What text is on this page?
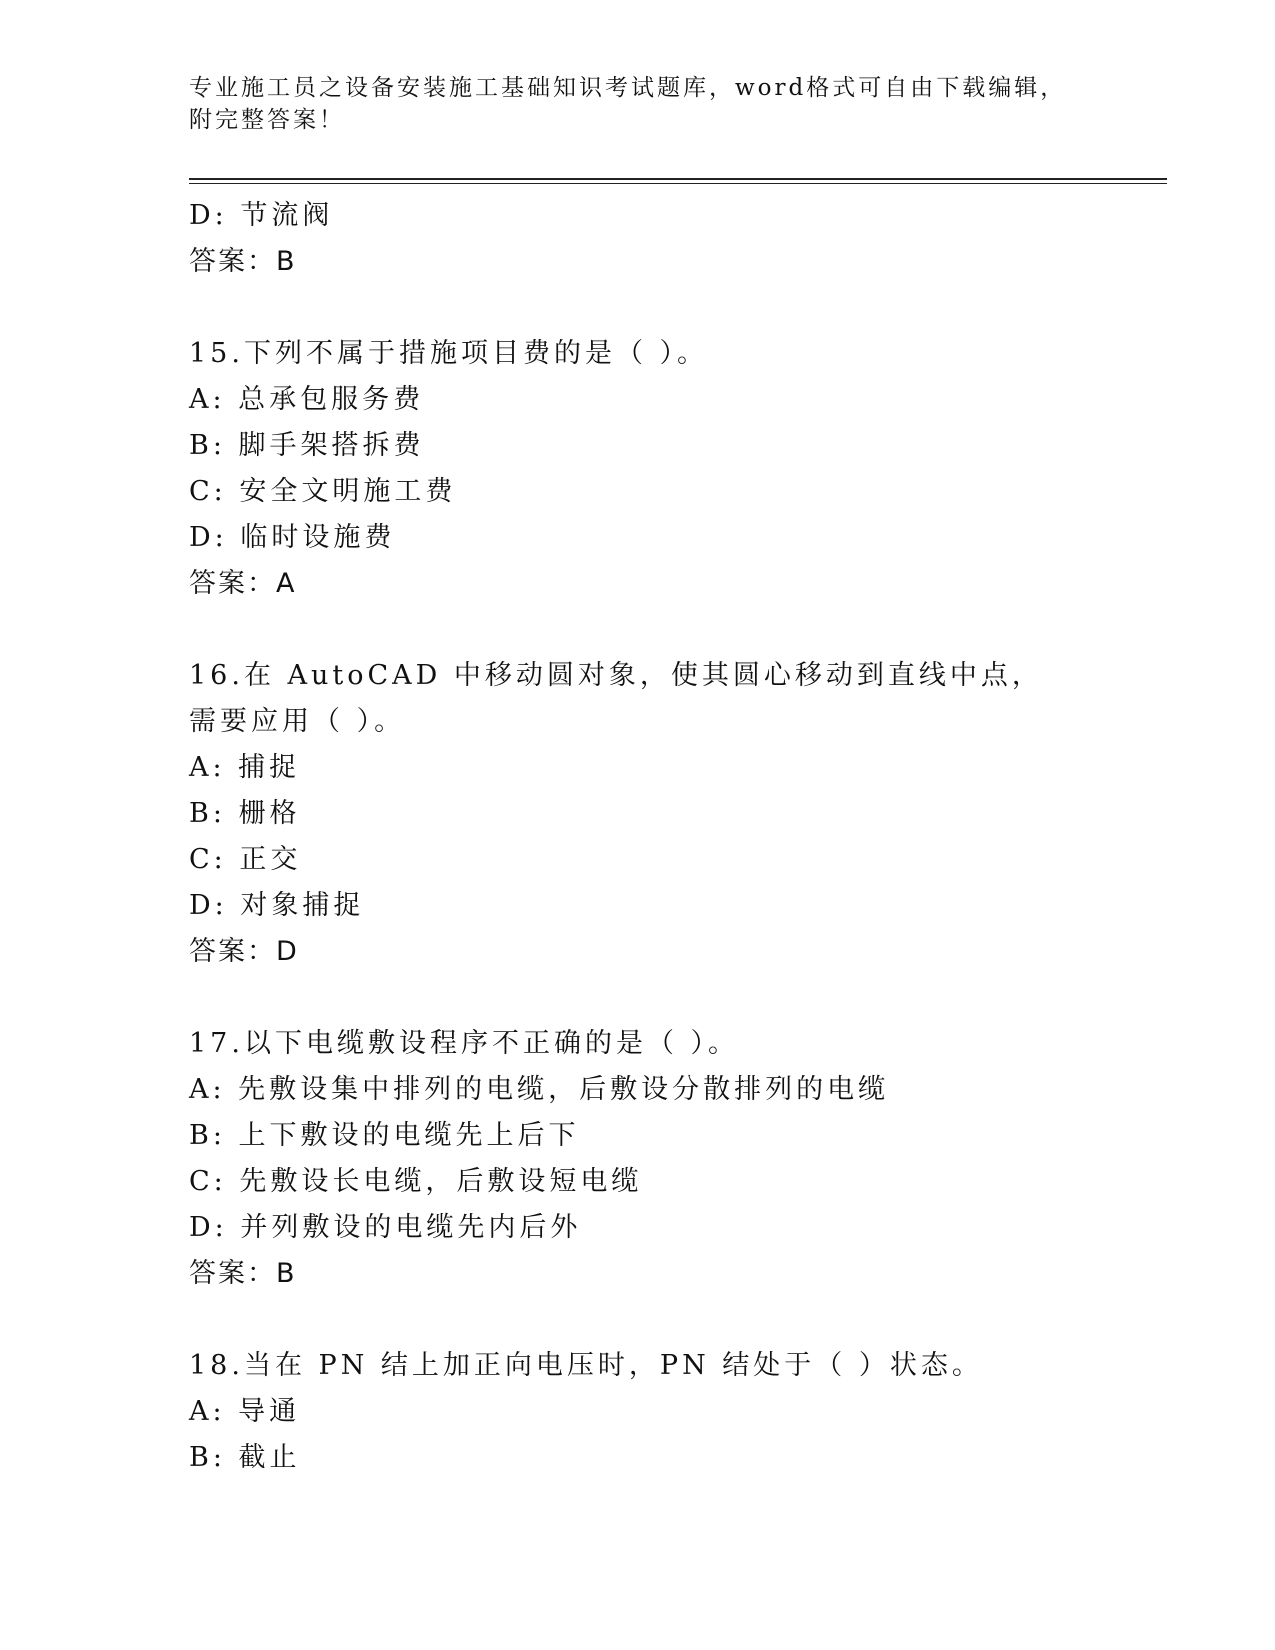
专业施工员之设备安装施工基础知识考试题库，word格式可自由下载编辑，附完整答案！
D: 节流阀
答案：B
15.下列不属于措施项目费的是（ ）。
A: 总承包服务费
B: 脚手架搭拆费
C: 安全文明施工费
D: 临时设施费
答案：A
16.在 AutoCAD 中移动圆对象，使其圆心移动到直线中点，需要应用（ ）。
A: 捕捉
B: 栅格
C: 正交
D: 对象捕捉
答案：D
17.以下电缆敷设程序不正确的是（ ）。
A: 先敷设集中排列的电缆，后敷设分散排列的电缆
B: 上下敷设的电缆先上后下
C: 先敷设长电缆，后敷设短电缆
D: 并列敷设的电缆先内后外
答案：B
18.当在 PN 结上加正向电压时，PN 结处于（ ）状态。
A: 导通
B: 截止
